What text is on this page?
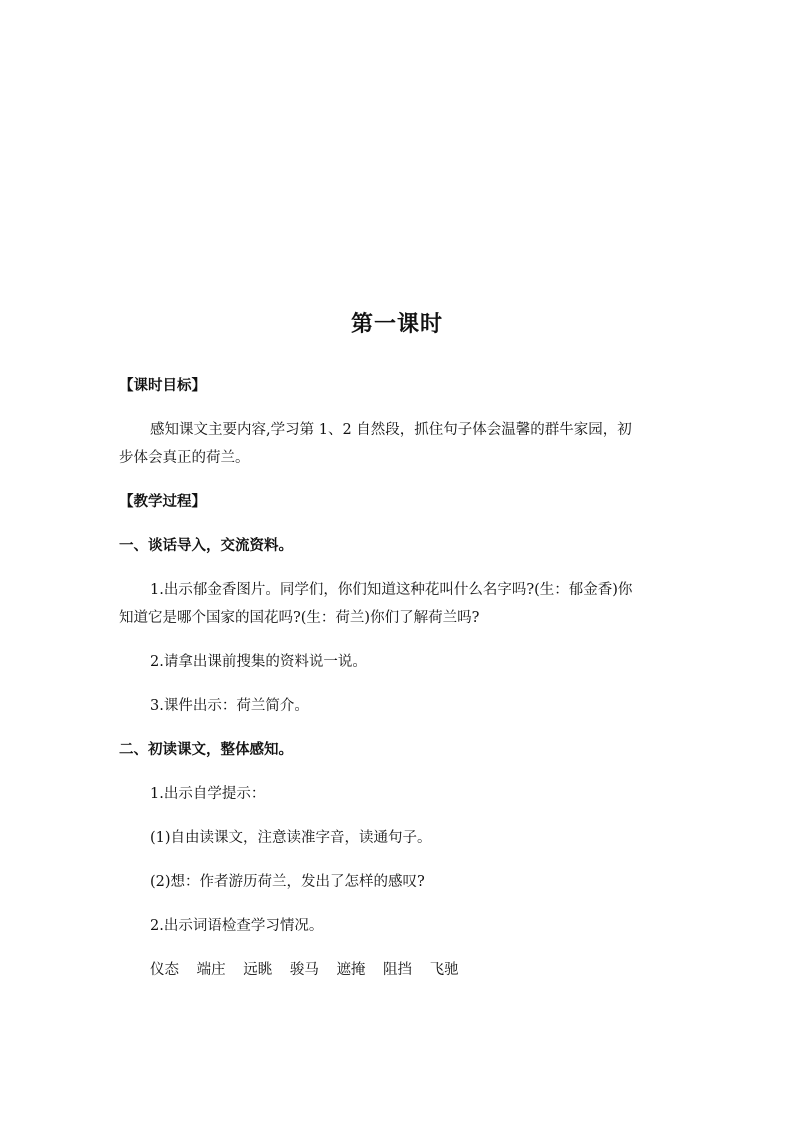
第一课时
【课时目标】
感知课文主要内容,学习第 1、2 自然段，抓住句子体会温馨的群牛家园，初
步体会真正的荷兰。
【教学过程】
一、谈话导入，交流资料。
1.出示郁金香图片。同学们，你们知道这种花叫什么名字吗?(生：郁金香)你
知道它是哪个国家的国花吗?(生：荷兰)你们了解荷兰吗?
2.请拿出课前搜集的资料说一说。
3.课件出示：荷兰简介。
二、初读课文，整体感知。
1.出示自学提示：
(1)自由读课文，注意读准字音，读通句子。
(2)想：作者游历荷兰，发出了怎样的感叹?
2.出示词语检查学习情况。
仪态 端庄 远眺 骏马 遮掩 阻挡 飞驰
